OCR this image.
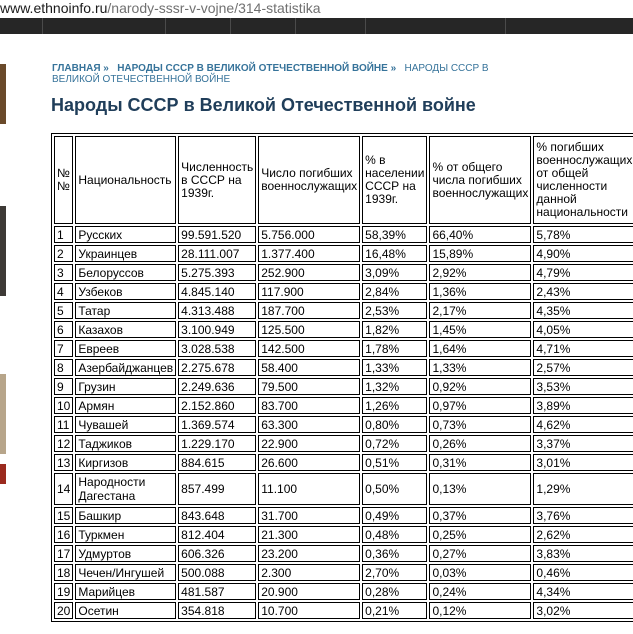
www.ethnoinfo.ru/narody-sssr-v-vojne/314-statistika
ГЛАВНАЯ » НАРОДЫ СССР В ВЕЛИКОЙ ОТЕЧЕСТВЕННОЙ ВОЙНЕ » НАРОДЫ СССР В ВЕЛИКОЙ ОТЕЧЕСТВЕННОЙ ВОЙНЕ
Народы СССР в Великой Отечественной войне
№ №	Национальность	Численность в СССР на 1939г.	Число погибших военнослужащих	% в населении СССР на 1939г.	% от общего числа погибших военнослужащих	% погибших военнослужащих от общей численности данной национальности
1	Русских	99.591.520	5.756.000	58,39%	66,40%	5,78%
2	Украинцев	28.111.007	1.377.400	16,48%	15,89%	4,90%
3	Белоруссов	5.275.393	252.900	3,09%	2,92%	4,79%
4	Узбеков	4.845.140	117.900	2,84%	1,36%	2,43%
5	Татар	4.313.488	187.700	2,53%	2,17%	4,35%
6	Казахов	3.100.949	125.500	1,82%	1,45%	4,05%
7	Евреев	3.028.538	142.500	1,78%	1,64%	4,71%
8	Азербайджанцев	2.275.678	58.400	1,33%	1,33%	2,57%
9	Грузин	2.249.636	79.500	1,32%	0,92%	3,53%
10	Армян	2.152.860	83.700	1,26%	0,97%	3,89%
11	Чувашей	1.369.574	63.300	0,80%	0,73%	4,62%
12	Таджиков	1.229.170	22.900	0,72%	0,26%	3,37%
13	Киргизов	884.615	26.600	0,51%	0,31%	3,01%
14	Народности Дагестана	857.499	11.100	0,50%	0,13%	1,29%
15	Башкир	843.648	31.700	0,49%	0,37%	3,76%
16	Туркмен	812.404	21.300	0,48%	0,25%	2,62%
17	Удмуртов	606.326	23.200	0,36%	0,27%	3,83%
18	Чечен/Ингушей	500.088	2.300	2,70%	0,03%	0,46%
19	Марийцев	481.587	20.900	0,28%	0,24%	4,34%
20	Осетин	354.818	10.700	0,21%	0,12%	3,02%
